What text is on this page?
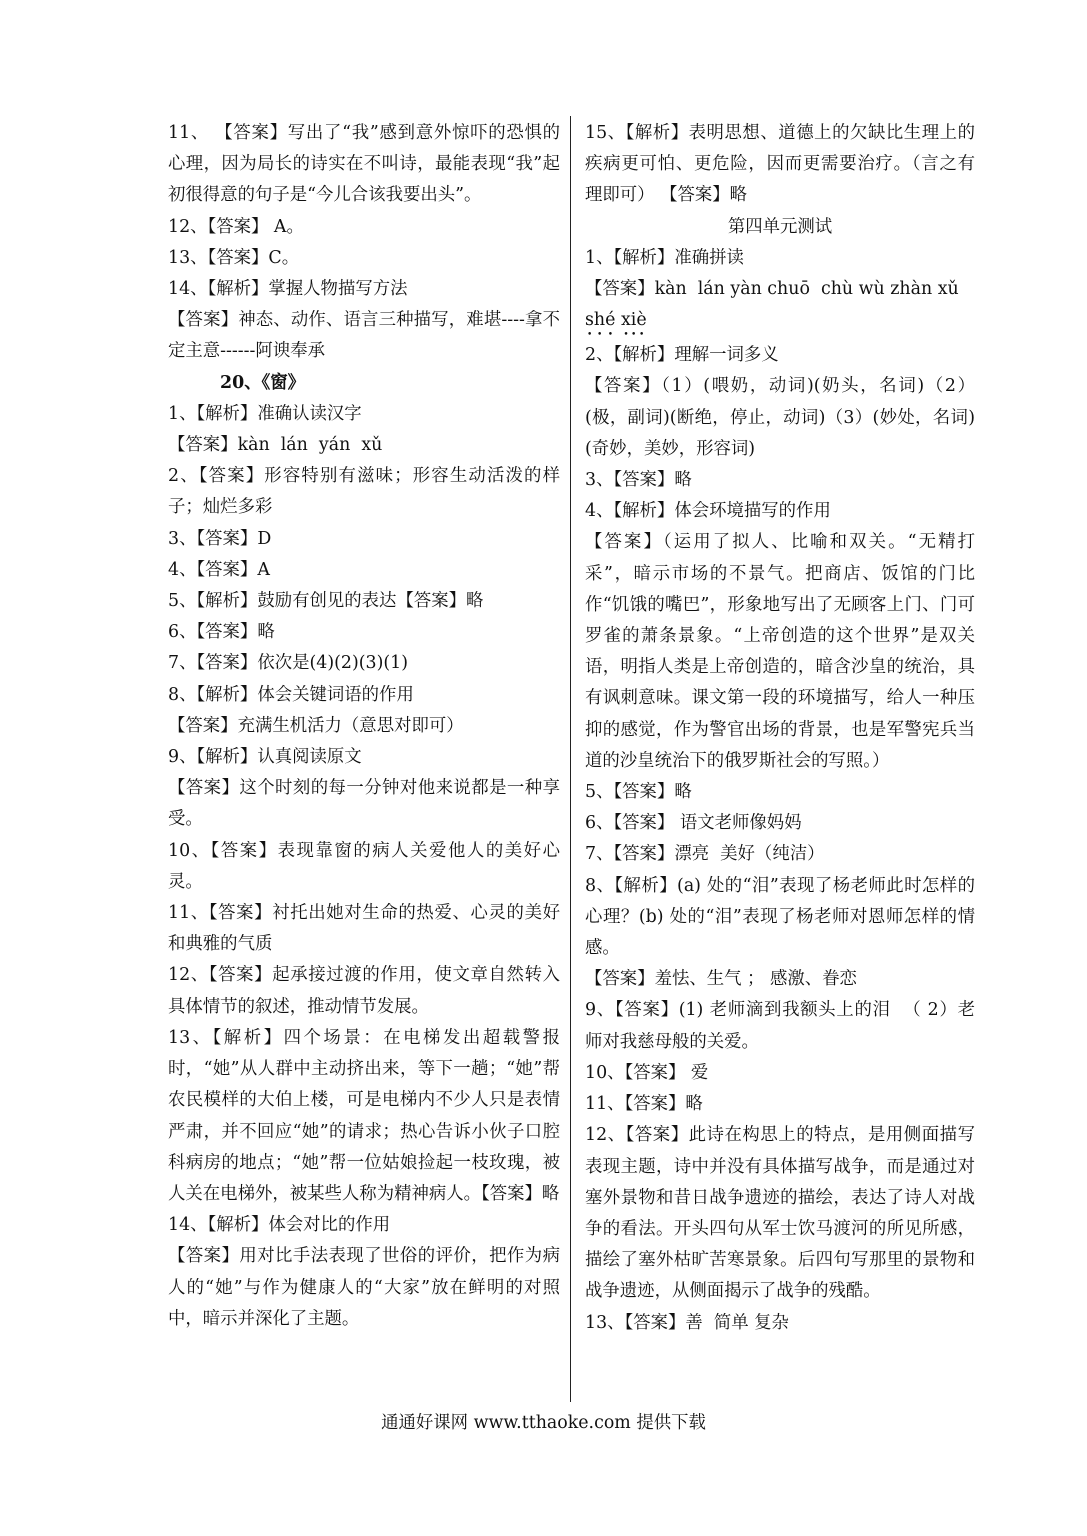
11、 【答案】写出了“我”感到意外惊吓的恐惧的心理，因为局长的诗实在不叫诗，最能表现“我”起初很得意的句子是“今儿合该我要出头”。

12、【答案】 A。

13、【答案】C。

14、【解析】掌握人物描写方法

【答案】神态、动作、语言三种描写，难堪----拿不定主意------阿谀奉承

20、《窗》

1、【解析】准确认读汉字

【答案】kàn  lán  yán  xǔ

2、【答案】形容特别有滋味；形容生动活泼的样子；灿烂多彩

3、【答案】D

4、【答案】A

5、【解析】鼓励有创见的表达【答案】略

6、【答案】略

7、【答案】依次是(4)(2)(3)(1)

8、【解析】体会关键词语的作用

【答案】充满生机活力（意思对即可）

9、【解析】认真阅读原文

【答案】这个时刻的每一分钟对他来说都是一种享受。

10、【答案】表现靠窗的病人关爱他人的美好心灵。

11、【答案】衬托出她对生命的热爱、心灵的美好和典雅的气质

12、【答案】起承接过渡的作用，使文章自然转入具体情节的叙述，推动情节发展。

13、【解析】四个场景：在电梯发出超载警报时，“她”从人群中主动挤出来，等下一趟；“她”帮农民模样的大伯上楼，可是电梯内不少人只是表情严肃，并不回应“她”的请求；热心告诉小伙子口腔科病房的地点；“她”帮一位姑娘捡起一枝玫瑰，被人关在电梯外，被某些人称为精神病人。【答案】略

14、【解析】体会对比的作用

【答案】用对比手法表现了世俗的评价，把作为病人的“她”与作为健康人的“大家”放在鲜明的对照中，暗示并深化了主题。

15、【解析】表明思想、道德上的欠缺比生理上的疾病更可怕、更危险，因而更需要治疗。（言之有理即可） 【答案】略

第四单元测试

1、【解析】准确拼读

【答案】kàn  lán yàn chuō  chù wù zhàn xǔ

shé xiè

2、【解析】理解一词多义

【答案】（1）(喂奶，动词)(奶头，名词)（2）(极，副词)(断绝，停止，动词)（3）(妙处，名词)(奇妙，美妙，形容词)

3、【答案】略

4、【解析】体会环境描写的作用

【答案】（运用了拟人、比喻和双关。“无精打采”，暗示市场的不景气。把商店、饭馆的门比作“饥饿的嘴巴”，形象地写出了无顾客上门、门可罗雀的萧条景象。“上帝创造的这个世界”是双关语，明指人类是上帝创造的，暗含沙皇的统治，具有讽刺意味。课文第一段的环境描写，给人一种压抑的感觉，作为警官出场的背景，也是军警宪兵当道的沙皇统治下的俄罗斯社会的写照。）

5、【答案】略

6、【答案】 语文老师像妈妈

7、【答案】漂亮  美好（纯洁）

8、【解析】(a) 处的“泪”表现了杨老师此时怎样的心理？(b) 处的“泪”表现了杨老师对恩师怎样的情感。

【答案】羞怯、生气 ； 感激、眷恋

9、【答案】(1) 老师滴到我额头上的泪  （ 2）老师对我慈母般的关爱。

10、【答案】 爱

11、【答案】略

12、【答案】此诗在构思上的特点，是用侧面描写表现主题，诗中并没有具体描写战争，而是通过对塞外景物和昔日战争遗迹的描绘，表达了诗人对战争的看法。开头四句从军士饮马渡河的所见所感，描绘了塞外枯旷苦寒景象。后四句写那里的景物和战争遗迹，从侧面揭示了战争的残酷。

13、【答案】善  简单 复杂

通通好课网 www.tthaoke.com 提供下载
